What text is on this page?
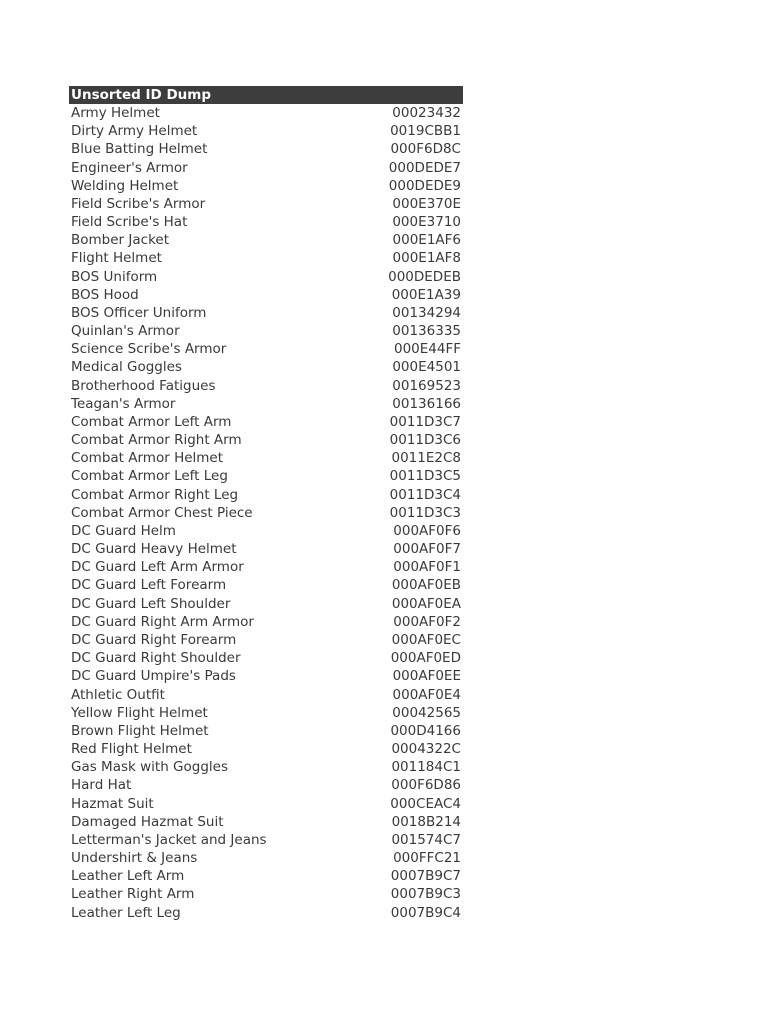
Unsorted ID Dump
Army Helmet	00023432
Dirty Army Helmet	0019CBB1
Blue Batting Helmet	000F6D8C
Engineer's Armor	000DEDE7
Welding Helmet	000DEDE9
Field Scribe's Armor	000E370E
Field Scribe's Hat	000E3710
Bomber Jacket	000E1AF6
Flight Helmet	000E1AF8
BOS Uniform	000DEDEB
BOS Hood	000E1A39
BOS Officer Uniform	00134294
Quinlan's Armor	00136335
Science Scribe's Armor	000E44FF
Medical Goggles	000E4501
Brotherhood Fatigues	00169523
Teagan's Armor	00136166
Combat Armor Left Arm	0011D3C7
Combat Armor Right Arm	0011D3C6
Combat Armor Helmet	0011E2C8
Combat Armor Left Leg	0011D3C5
Combat Armor Right Leg	0011D3C4
Combat Armor Chest Piece	0011D3C3
DC Guard Helm	000AF0F6
DC Guard Heavy Helmet	000AF0F7
DC Guard Left Arm Armor	000AF0F1
DC Guard Left Forearm	000AF0EB
DC Guard Left Shoulder	000AF0EA
DC Guard Right Arm Armor	000AF0F2
DC Guard Right Forearm	000AF0EC
DC Guard Right Shoulder	000AF0ED
DC Guard Umpire's Pads	000AF0EE
Athletic Outfit	000AF0E4
Yellow Flight Helmet	00042565
Brown Flight Helmet	000D4166
Red Flight Helmet	0004322C
Gas Mask with Goggles	001184C1
Hard Hat	000F6D86
Hazmat Suit	000CEAC4
Damaged Hazmat Suit	0018B214
Letterman's Jacket and Jeans	001574C7
Undershirt & Jeans	000FFC21
Leather Left Arm	0007B9C7
Leather Right Arm	0007B9C3
Leather Left Leg	0007B9C4
